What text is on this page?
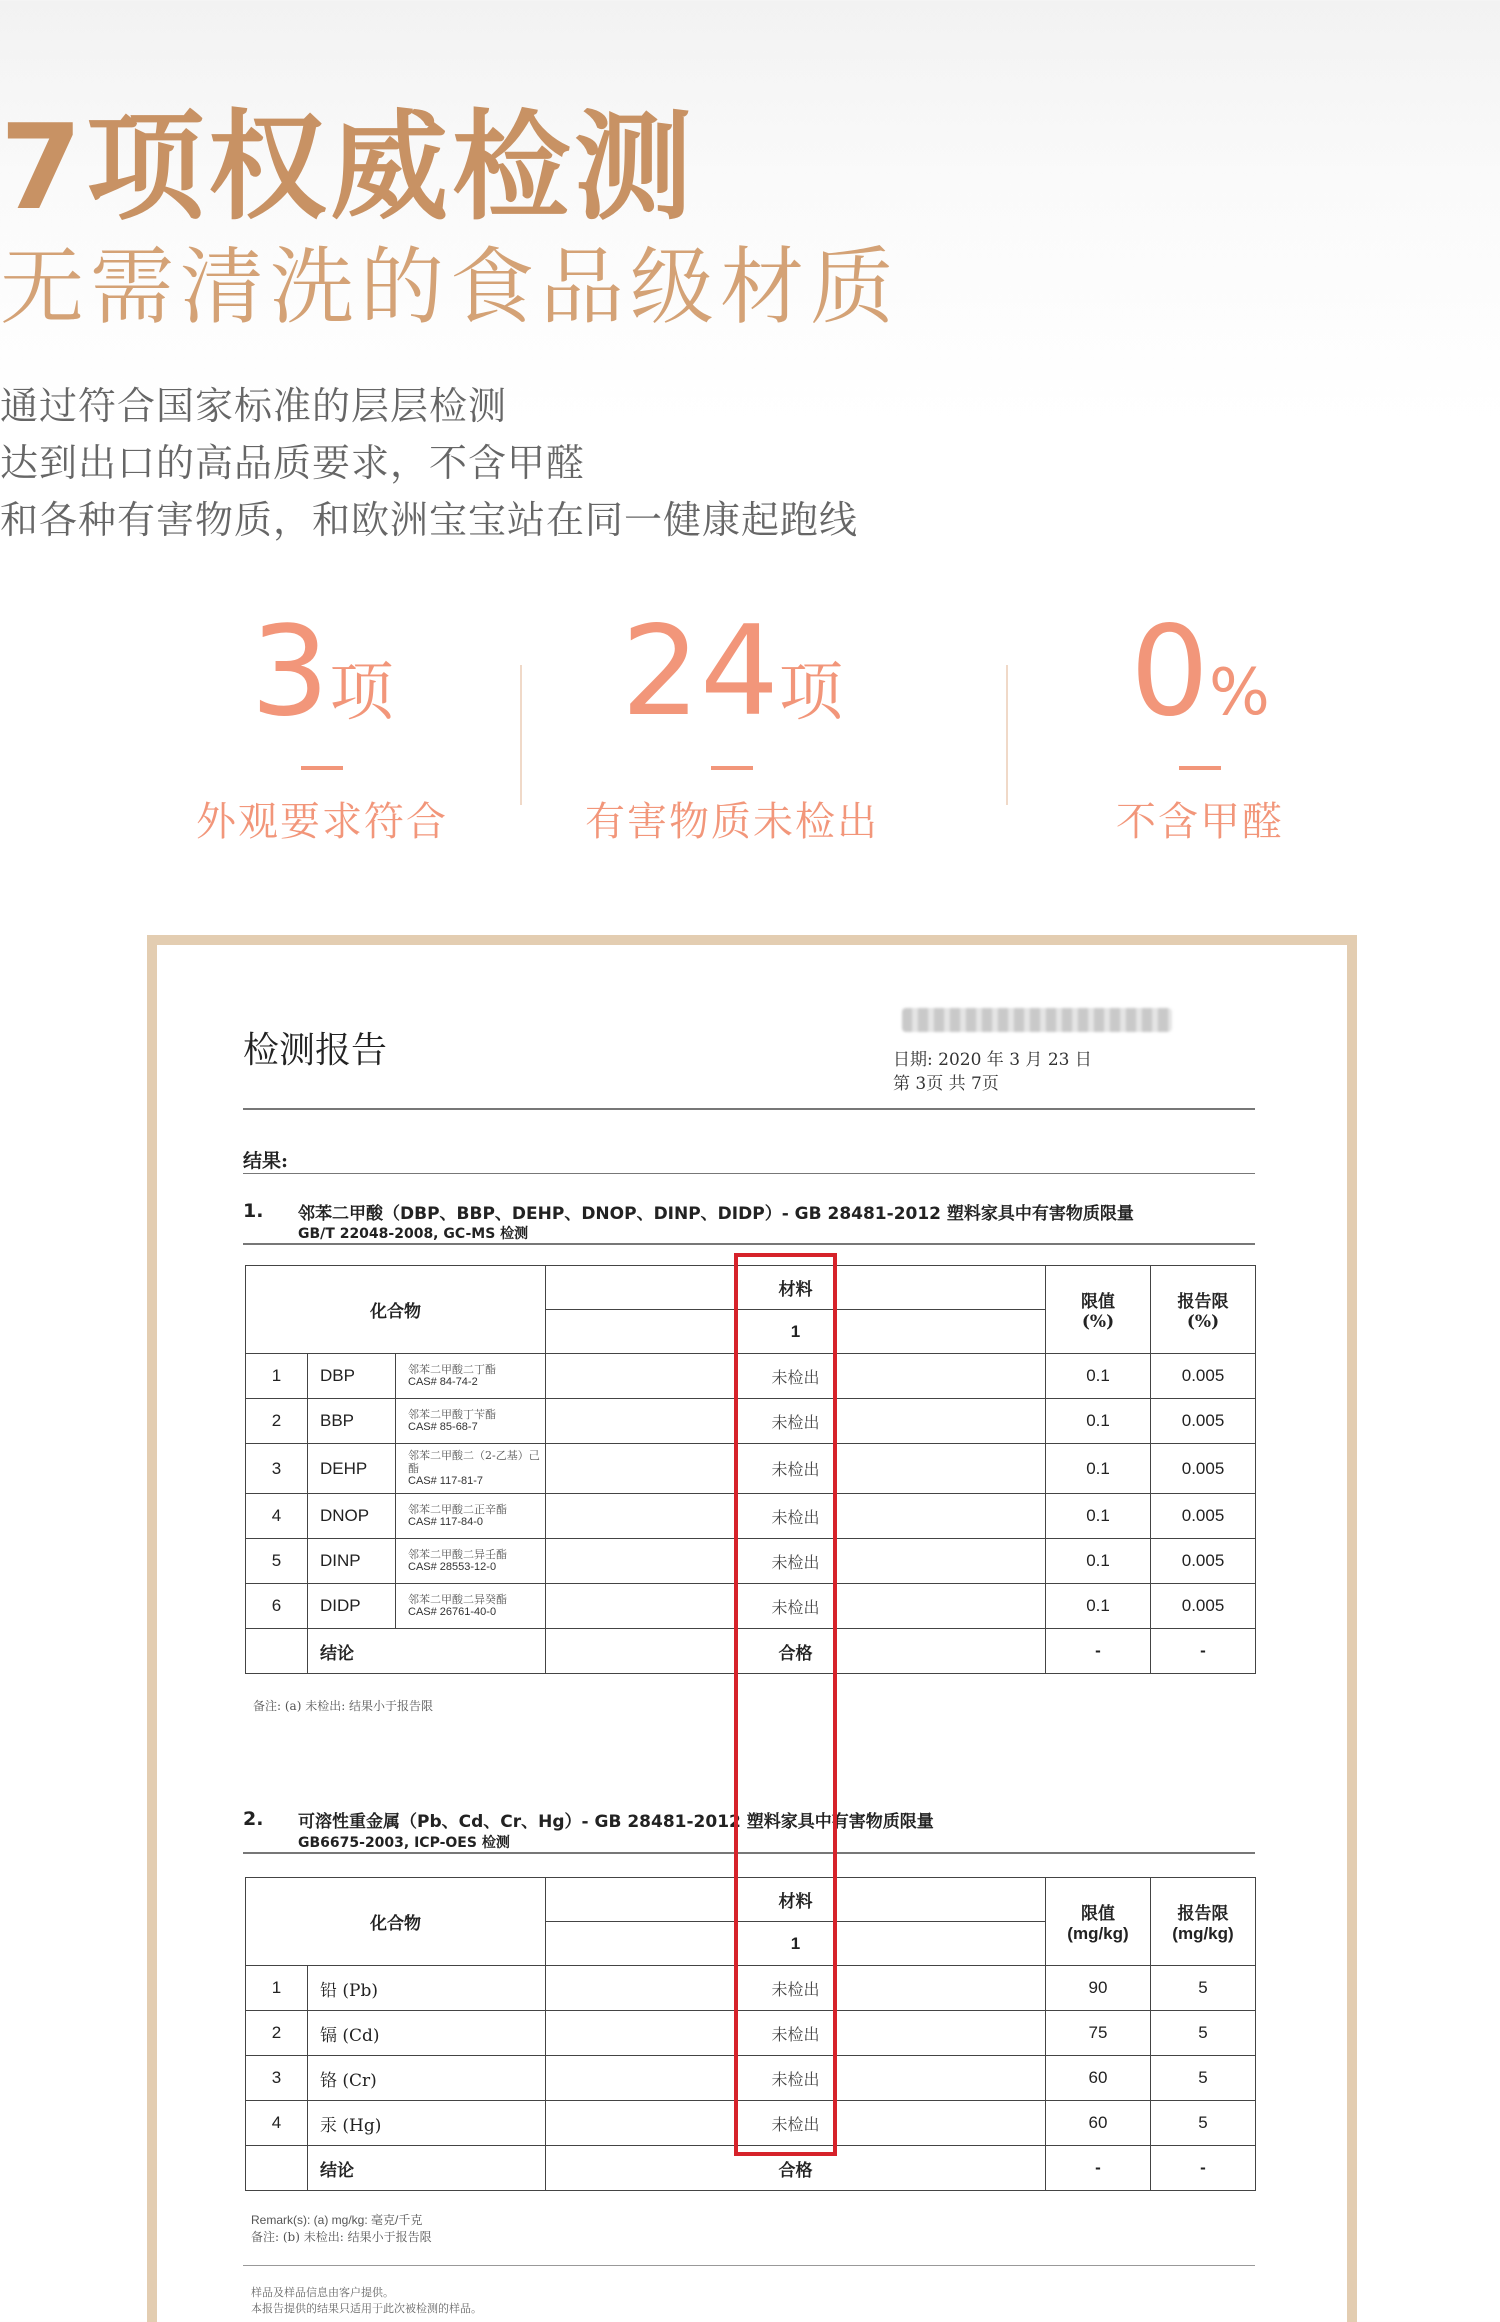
7项权威检测
无需清洗的食品级材质
通过符合国家标准的层层检测
达到出口的高品质要求，不含甲醛
和各种有害物质，和欧洲宝宝站在同一健康起跑线
3项
外观要求符合
24项
有害物质未检出
0%
不含甲醛
检测报告	日期: 2020 年 3 月 23 日
第 3页 共 7页
结果:
1. 邻苯二甲酸（DBP、BBP、DEHP、DNOP、DINP、DIDP）- GB 28481-2012 塑料家具中有害物质限量
GB/T 22048-2008, GC-MS 检测
化合物				材料		限值
(%)	报告限
(%)
				1			
1	DBP	邻苯二甲酸二丁酯
CAS# 84-74-2	未检出			0.1	0.005
2	BBP	邻苯二甲酸丁苄酯
CAS# 85-68-7	未检出			0.1	0.005
3	DEHP	邻苯二甲酸二（2-乙基）己酯
CAS# 117-81-7	未检出			0.1	0.005
4	DNOP	邻苯二甲酸二正辛酯
CAS# 117-84-0	未检出			0.1	0.005
5	DINP	邻苯二甲酸二异壬酯
CAS# 28553-12-0	未检出			0.1	0.005
6	DIDP	邻苯二甲酸二异癸酯
CAS# 26761-40-0	未检出			0.1	0.005
	结论		合格			-	-
备注: (a) 未检出: 结果小于报告限
2. 可溶性重金属（Pb、Cd、Cr、Hg）- GB 28481-2012 塑料家具中有害物质限量
GB6675-2003, ICP-OES 检测
化合物			材料		限值
(mg/kg)	报告限
(mg/kg)
			1			
1	铅 (Pb)	未检出			90	5
2	镉 (Cd)	未检出			75	5
3	铬 (Cr)	未检出			60	5
4	汞 (Hg)	未检出			60	5
	结论	合格			-	-
Remark(s): (a) mg/kg: 毫克/千克
备注: (b) 未检出: 结果小于报告限
样品及样品信息由客户提供。
本报告提供的结果只适用于此次被检测的样品。
